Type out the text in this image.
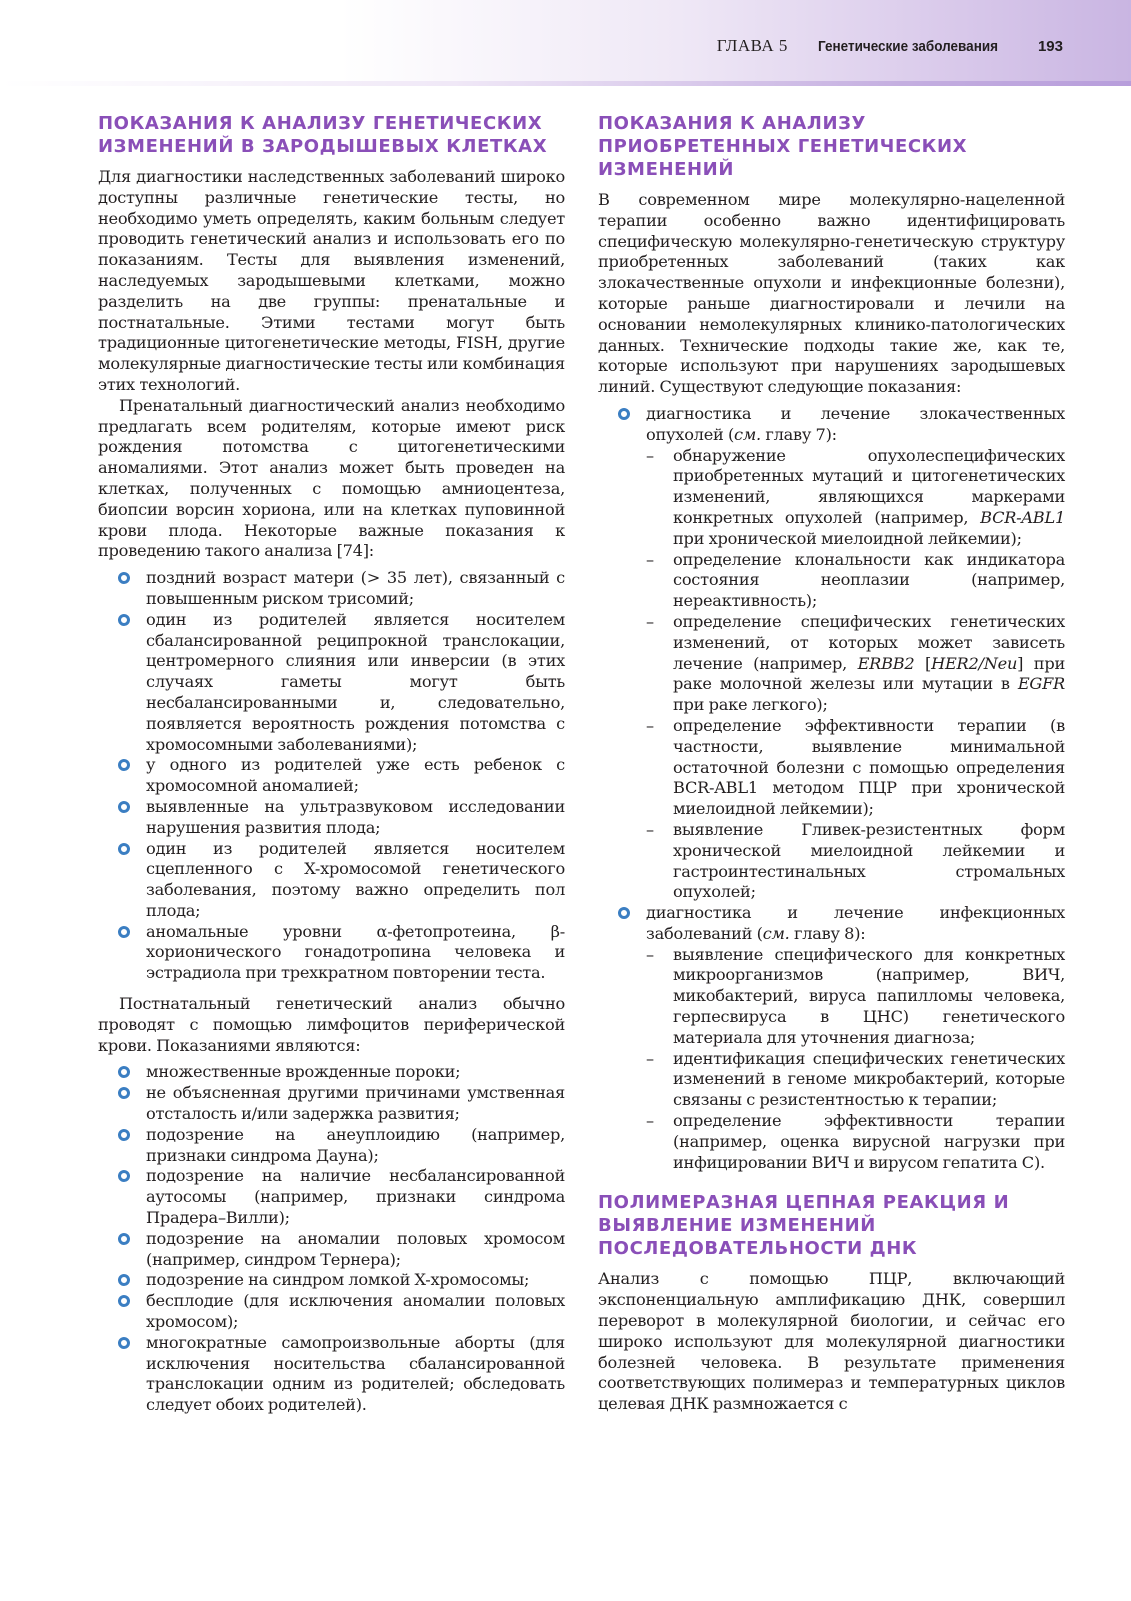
ГЛАВА 5 Генетические заболевания	193
ПОКАЗАНИЯ К АНАЛИЗУ ГЕНЕТИЧЕСКИХ ИЗМЕНЕНИЙ В ЗАРОДЫШЕВЫХ КЛЕТКАХ

Для диагностики наследственных заболеваний широко доступны различные генетические тесты, но необходимо уметь определять, каким больным следует проводить генетический анализ и использовать его по показаниям. Тесты для выявления изменений, наследуемых зародышевыми клетками, можно разделить на две группы: пренатальные и постнатальные. Этими тестами могут быть традиционные цитогенетические методы, FISH, другие молекулярные диагностические тесты или комбинация этих технологий.

Пренатальный диагностический анализ необходимо предлагать всем родителям, которые имеют риск рождения потомства с цитогенетическими аномалиями. Этот анализ может быть проведен на клетках, полученных с помощью амниоцентеза, биопсии ворсин хориона, или на клетках пуповинной крови плода. Некоторые важные показания к проведению такого анализа [74]:

поздний возраст матери (> 35 лет), связанный с повышенным риском трисомий;
один из родителей является носителем сбалансированной реципрокной транслокации, центромерного слияния или инверсии (в этих случаях гаметы могут быть несбалансированными и, следовательно, появляется вероятность рождения потомства с хромосомными заболеваниями);
у одного из родителей уже есть ребенок с хромосомной аномалией;
выявленные на ультразвуковом исследовании нарушения развития плода;
один из родителей является носителем сцепленного с X-хромосомой генетического заболевания, поэтому важно определить пол плода;
аномальные уровни α-фетопротеина, β-хорионического гонадотропина человека и эстрадиола при трехкратном повторении теста.

Постнатальный генетический анализ обычно проводят с помощью лимфоцитов периферической крови. Показаниями являются:

множественные врожденные пороки;
не объясненная другими причинами умственная отсталость и/или задержка развития;
подозрение на анеуплоидию (например, признаки синдрома Дауна);
подозрение на наличие несбалансированной аутосомы (например, признаки синдрома Прадера–Вилли);
подозрение на аномалии половых хромосом (например, синдром Тернера);
подозрение на синдром ломкой X-хромосомы;
бесплодие (для исключения аномалии половых хромосом);
многократные самопроизвольные аборты (для исключения носительства сбалансированной транслокации одним из родителей; обследовать следует обоих родителей).
ПОКАЗАНИЯ К АНАЛИЗУ ПРИОБРЕТЕННЫХ ГЕНЕТИЧЕСКИХ ИЗМЕНЕНИЙ

В современном мире молекулярно-нацеленной терапии особенно важно идентифицировать специфическую молекулярно-генетическую структуру приобретенных заболеваний (таких как злокачественные опухоли и инфекционные болезни), которые раньше диагностировали и лечили на основании немолекулярных клинико-патологических данных. Технические подходы такие же, как те, которые используют при нарушениях зародышевых линий. Существуют следующие показания:

диагностика и лечение злокачественных опухолей (см. главу 7):
– обнаружение опухолеспецифических приобретенных мутаций и цитогенетических изменений, являющихся маркерами конкретных опухолей (например, BCR-ABL1 при хронической миелоидной лейкемии);
– определение клональности как индикатора состояния неоплазии (например, нереактивность);
– определение специфических генетических изменений, от которых может зависеть лечение (например, ERBB2 [HER2/Neu] при раке молочной железы или мутации в EGFR при раке легкого);
– определение эффективности терапии (в частности, выявление минимальной остаточной болезни с помощью определения BCR-ABL1 методом ПЦР при хронической миелоидной лейкемии);
– выявление Гливек-резистентных форм хронической миелоидной лейкемии и гастроинтестинальных стромальных опухолей;
диагностика и лечение инфекционных заболеваний (см. главу 8):
– выявление специфического для конкретных микроорганизмов (например, ВИЧ, микобактерий, вируса папилломы человека, герпесвируса в ЦНС) генетического материала для уточнения диагноза;
– идентификация специфических генетических изменений в геноме микробактерий, которые связаны с резистентностью к терапии;
– определение эффективности терапии (например, оценка вирусной нагрузки при инфицировании ВИЧ и вирусом гепатита С).
ПОЛИМЕРАЗНАЯ ЦЕПНАЯ РЕАКЦИЯ И ВЫЯВЛЕНИЕ ИЗМЕНЕНИЙ ПОСЛЕДОВАТЕЛЬНОСТИ ДНК

Анализ с помощью ПЦР, включающий экспоненциальную амплификацию ДНК, совершил переворот в молекулярной биологии, и сейчас его широко используют для молекулярной диагностики болезней человека. В результате применения соответствующих полимераз и температурных циклов целевая ДНК размножается с
